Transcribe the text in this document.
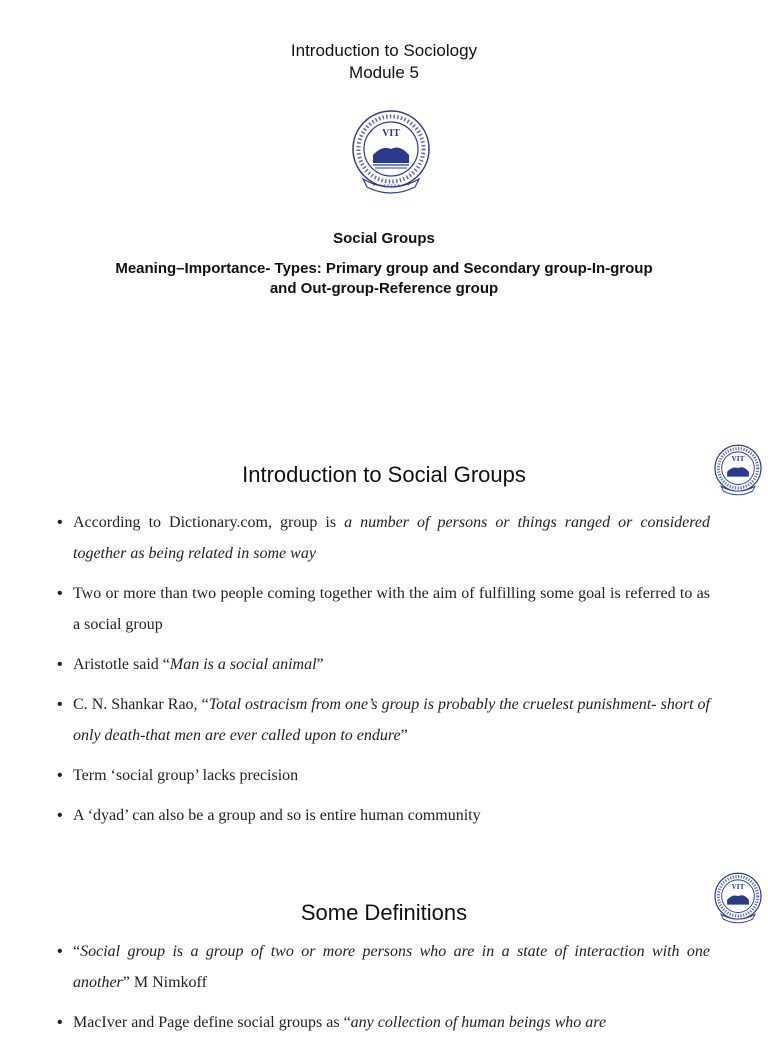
Introduction to Sociology
Module 5
VIT
Social Groups
Meaning–Importance- Types: Primary group and Secondary group-In-group and Out-group-Reference group
VIT
Introduction to Social Groups
• According to Dictionary.com, group is a number of persons or things ranged or considered together as being related in some way
• Two or more than two people coming together with the aim of fulfilling some goal is referred to as a social group
• Aristotle said “Man is a social animal”
• C. N. Shankar Rao, “Total ostracism from one’s group is probably the cruelest punishment- short of only death-that men are ever called upon to endure”
• Term ‘social group’ lacks precision
• A ‘dyad’ can also be a group and so is entire human community
VIT
Some Definitions
• “Social group is a group of two or more persons who are in a state of interaction with one another” M Nimkoff
• MacIver and Page define social groups as “any collection of human beings who are
